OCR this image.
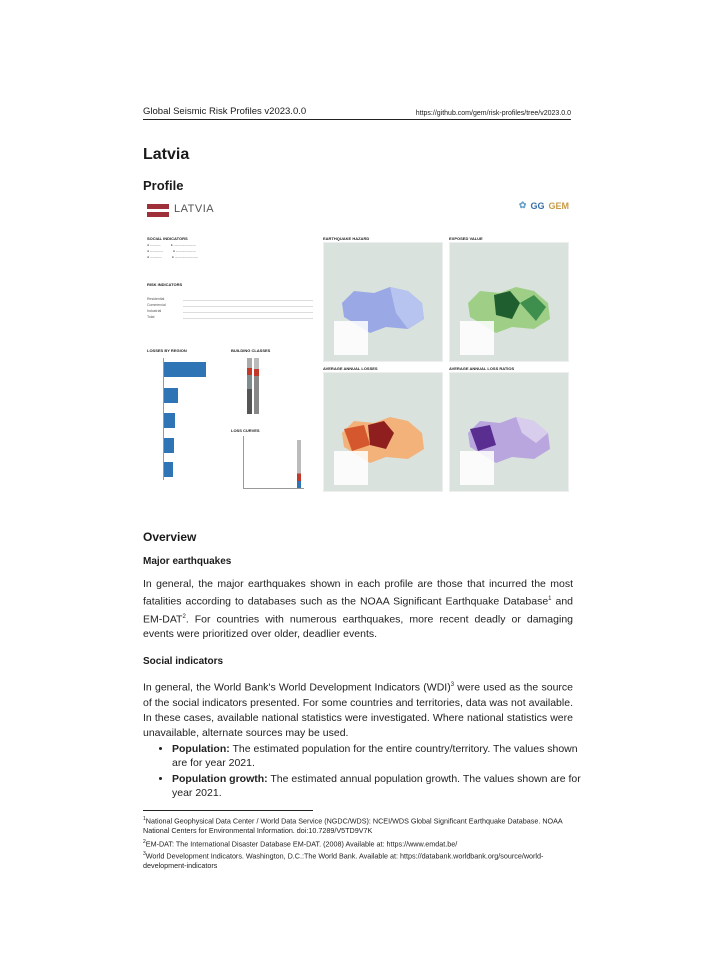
Global Seismic Risk Profiles v2023.0.0	https://github.com/gem/risk-profiles/tree/v2023.0.0
Latvia
Profile
LATVIA	✿ GG GEM
SOCIAL INDICATORS
● ---------	● -------------------
● -----------	● -----------------
● ----------	● --------------------
RISK INDICATORS
Residential
Commercial
Industrial
Total
LOSSES BY REGION	BUILDING CLASSES
LOSS CURVES
EARTHQUAKE HAZARD	EXPOSED VALUE
AVERAGE ANNUAL LOSSES	AVERAGE ANNUAL LOSS RATIOS
Overview
Major earthquakes
In general, the major earthquakes shown in each profile are those that incurred the most fatalities according to databases such as the NOAA Significant Earthquake Database$^1$ and EM-DAT$^2$. For countries with numerous earthquakes, more recent deadly or damaging events were prioritized over older, deadlier events.
Social indicators
In general, the World Bank's World Development Indicators (WDI)$^3$ were used as the source of the social indicators presented. For some countries and territories, data was not available. In these cases, available national statistics were investigated. Where national statistics were unavailable, alternate sources may be used.
• Population: The estimated population for the entire country/territory. The values shown are for year 2021.
• Population growth: The estimated annual population growth. The values shown are for year 2021.
$^1$National Geophysical Data Center / World Data Service (NGDC/WDS): NCEI/WDS Global Significant Earthquake Database. NOAA National Centers for Environmental Information. doi:10.7289/V5TD9V7K
$^2$EM-DAT: The International Disaster Database EM-DAT. (2008) Available at: https://www.emdat.be/
$^3$World Development Indicators. Washington, D.C.:The World Bank. Available at: https://databank.worldbank.org/source/world-development-indicators
